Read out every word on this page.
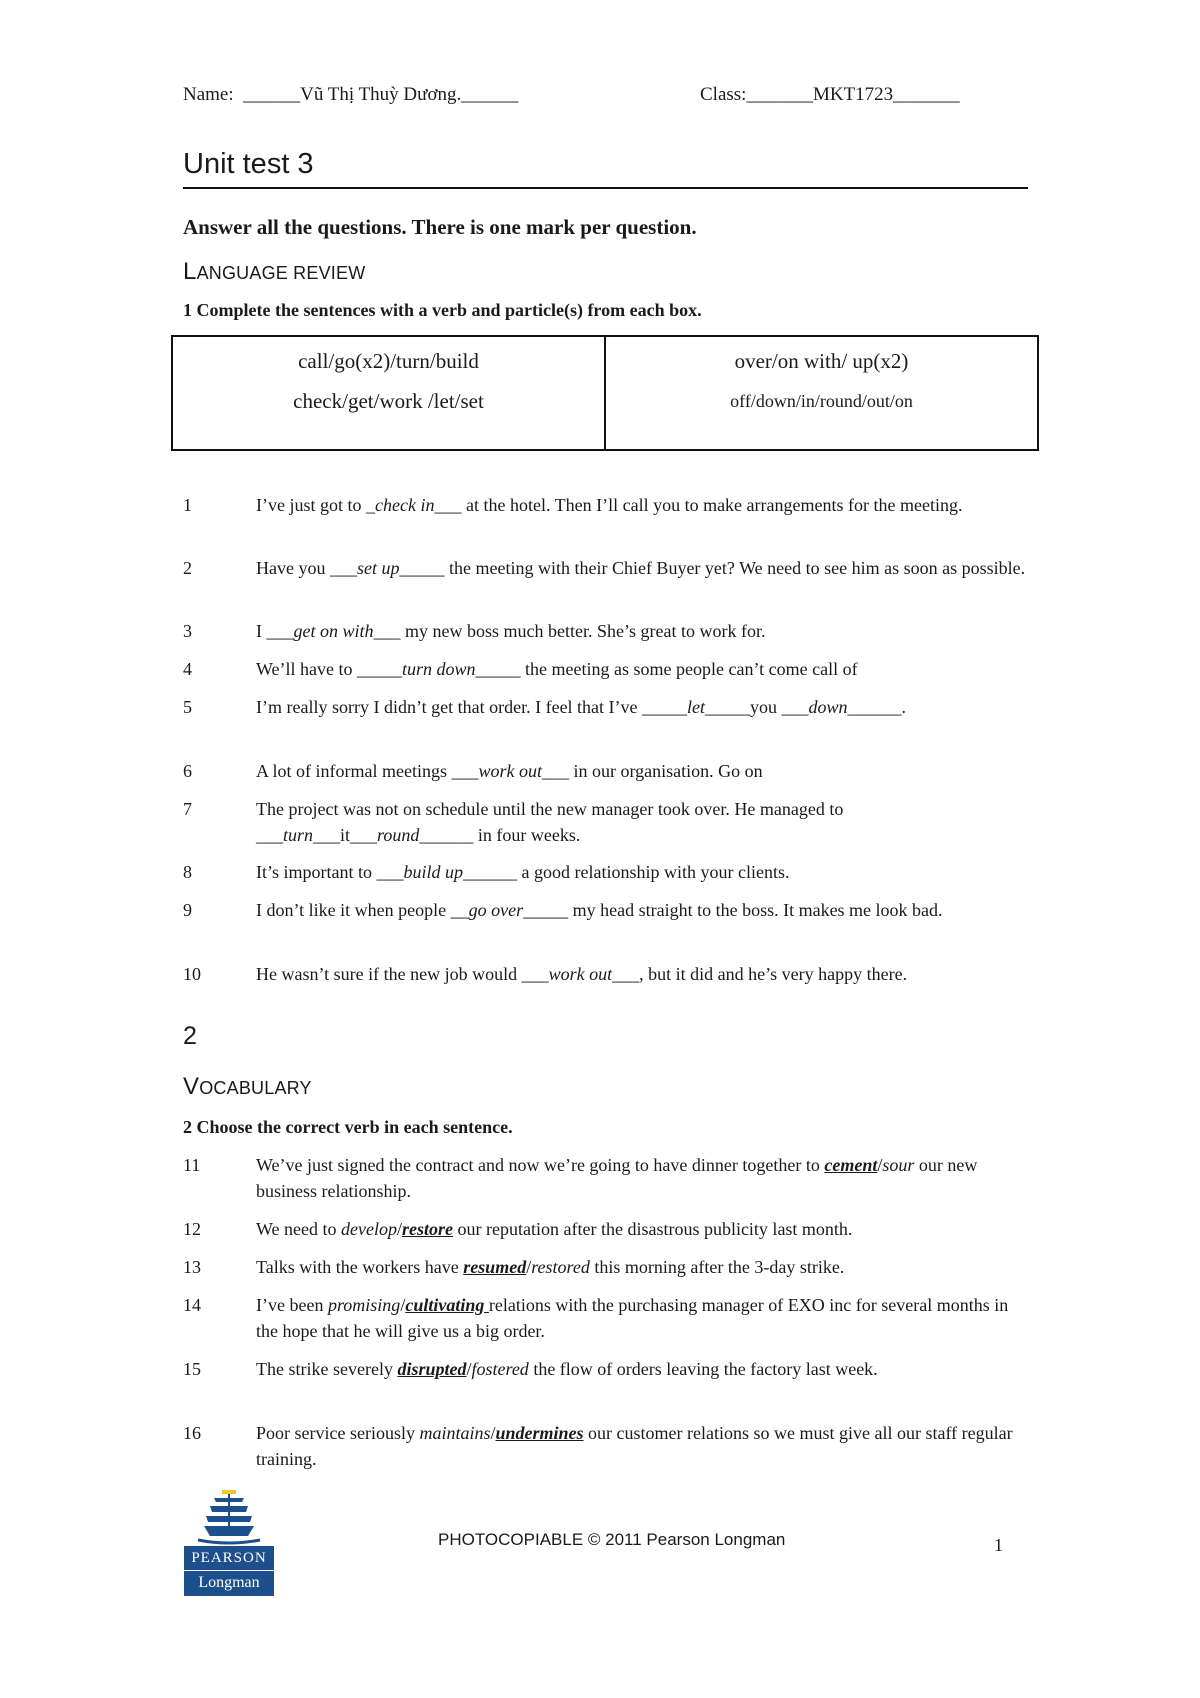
Name: ______Vũ Thị Thuỳ Dương.______	Class:_______MKT1723_______
Unit test 3
Answer all the questions. There is one mark per question.
LANGUAGE REVIEW
1 Complete the sentences with a verb and particle(s) from each box.
call/go(x2)/turn/build
check/get/work /let/set
over/on with/ up(x2)
off/down/in/round/out/on
1	I’ve just got to _check in___ at the hotel. Then I’ll call you to make arrangements for the meeting.
2	Have you ___set up_____ the meeting with their Chief Buyer yet? We need to see him as soon as possible.
3	I ___get on with___ my new boss much better. She’s great to work for.
4	We’ll have to _____turn down_____ the meeting as some people can’t come call of
5	I’m really sorry I didn’t get that order. I feel that I’ve _____let_____you ___down______.
6	A lot of informal meetings ___work out___ in our organisation. Go on
7	The project was not on schedule until the new manager took over. He managed to ___turn___it___round______ in four weeks.
8	It’s important to ___build up______ a good relationship with your clients.
9	I don’t like it when people __go over_____ my head straight to the boss. It makes me look bad.
10	He wasn’t sure if the new job would ___work out___, but it did and he’s very happy there.
2
VOCABULARY
2 Choose the correct verb in each sentence.
11	We’ve just signed the contract and now we’re going to have dinner together to cement/sour our new business relationship.
12	We need to develop/restore our reputation after the disastrous publicity last month.
13	Talks with the workers have resumed/restored this morning after the 3-day strike.
14	I’ve been promising/cultivating relations with the purchasing manager of EXO inc for several months in the hope that he will give us a big order.
15	The strike severely disrupted/fostered the flow of orders leaving the factory last week.
16	Poor service seriously maintains/undermines our customer relations so we must give all our staff regular training.
PEARSON
Longman
PHOTOCOPIABLE © 2011 Pearson Longman	1
